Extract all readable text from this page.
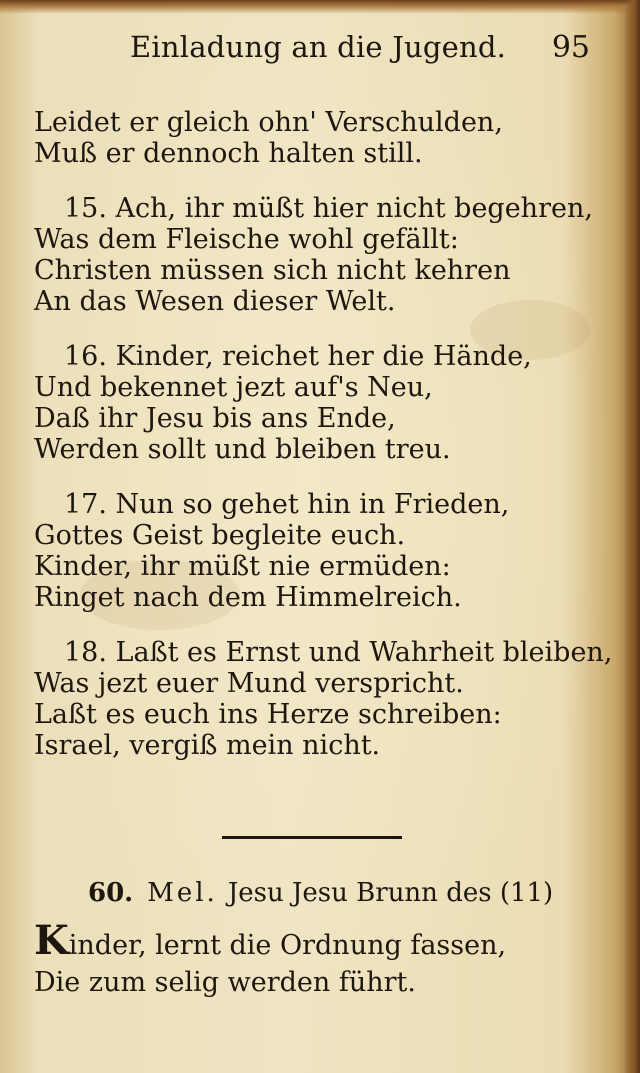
Einladung an die Jugend. 95
Leidet er gleich ohn' Verschulden,
Muß er dennoch halten still.
15. Ach, ihr müßt hier nicht begehren,
Was dem Fleische wohl gefällt:
Christen müssen sich nicht kehren
An das Wesen dieser Welt.
16. Kinder, reichet her die Hände,
Und bekennet jezt auf's Neu,
Daß ihr Jesu bis ans Ende,
Werden sollt und bleiben treu.
17. Nun so gehet hin in Frieden,
Gottes Geist begleite euch.
Kinder, ihr müßt nie ermüden:
Ringet nach dem Himmelreich.
18. Laßt es Ernst und Wahrheit bleiben,
Was jezt euer Mund verspricht.
Laßt es euch ins Herze schreiben:
Israel, vergiß mein nicht.
60. Mel. Jesu Jesu Brunn des (11)
Kinder, lernt die Ordnung fassen,
Die zum selig werden führt.
